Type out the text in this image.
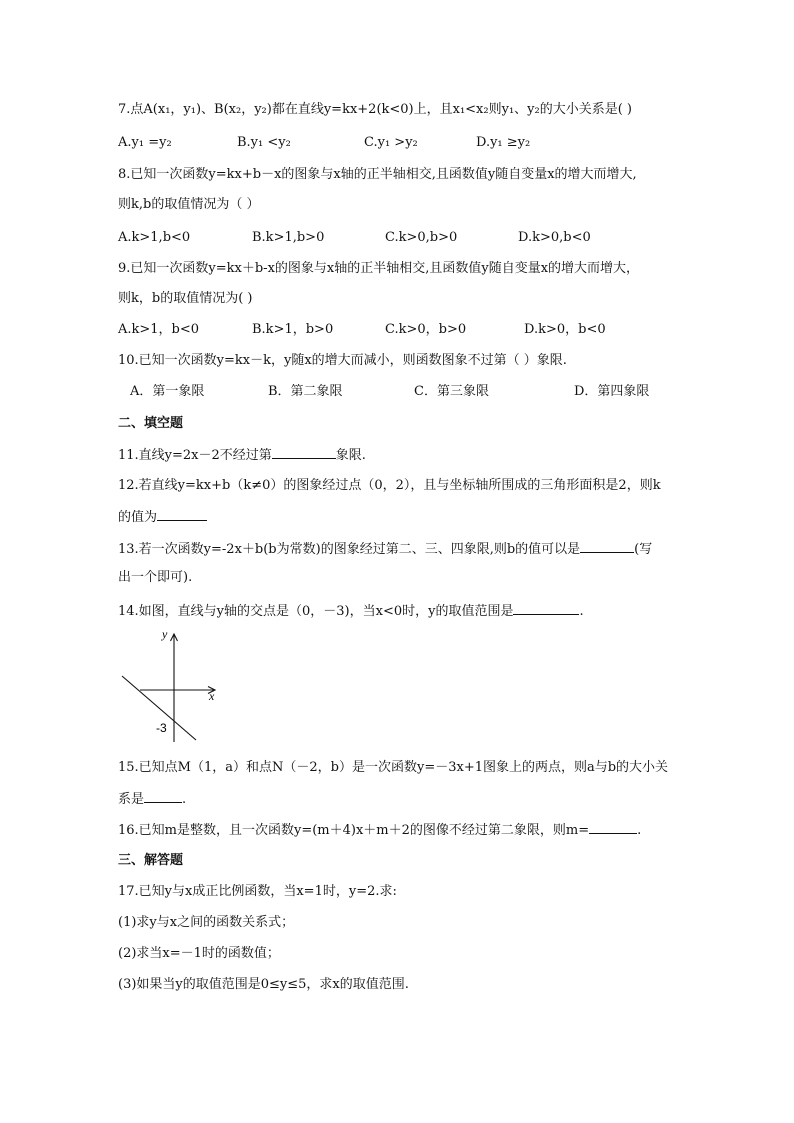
7.点A(x₁，y₁)、B(x₂，y₂)都在直线y=kx+2(k<0)上，且x₁<x₂则y₁、y₂的大小关系是( )
A.y₁ =y₂	B.y₁ <y₂	C.y₁ >y₂	D.y₁ ≥y₂
8.已知一次函数y=kx+b－x的图象与x轴的正半轴相交,且函数值y随自变量x的增大而增大,
则k,b的取值情况为（ ）
A.k>1,b<0	B.k>1,b>0	C.k>0,b>0	D.k>0,b<0
9.已知一次函数y=kx＋b-x的图象与x轴的正半轴相交,且函数值y随自变量x的增大而增大，
则k，b的取值情况为( )
A.k>1，b<0	B.k>1，b>0	C.k>0，b>0	D.k>0，b<0
10.已知一次函数y=kx－k，y随x的增大而减小，则函数图象不过第（ ）象限.
A．第一象限	B．第二象限	C．第三象限	D．第四象限
二、填空题
11.直线y=2x－2不经过第	象限.
12.若直线y=kx+b（k≠0）的图象经过点（0，2），且与坐标轴所围成的三角形面积是2，则k
的值为
13.若一次函数y=-2x＋b(b为常数)的图象经过第二、三、四象限,则b的值可以是	(写
出一个即可).
14.如图，直线与y轴的交点是（0，－3)，当x<0时，y的取值范围是	.
y
x
-3
15.已知点M（1，a）和点N（－2，b）是一次函数y=－3x+1图象上的两点，则a与b的大小关
系是	.
16.已知m是整数，且一次函数y=(m＋4)x＋m＋2的图像不经过第二象限，则m=	.
三、解答题
17.已知y与x成正比例函数，当x=1时，y=2.求:
(1)求y与x之间的函数关系式；
(2)求当x=－1时的函数值；
(3)如果当y的取值范围是0≤y≤5，求x的取值范围.
